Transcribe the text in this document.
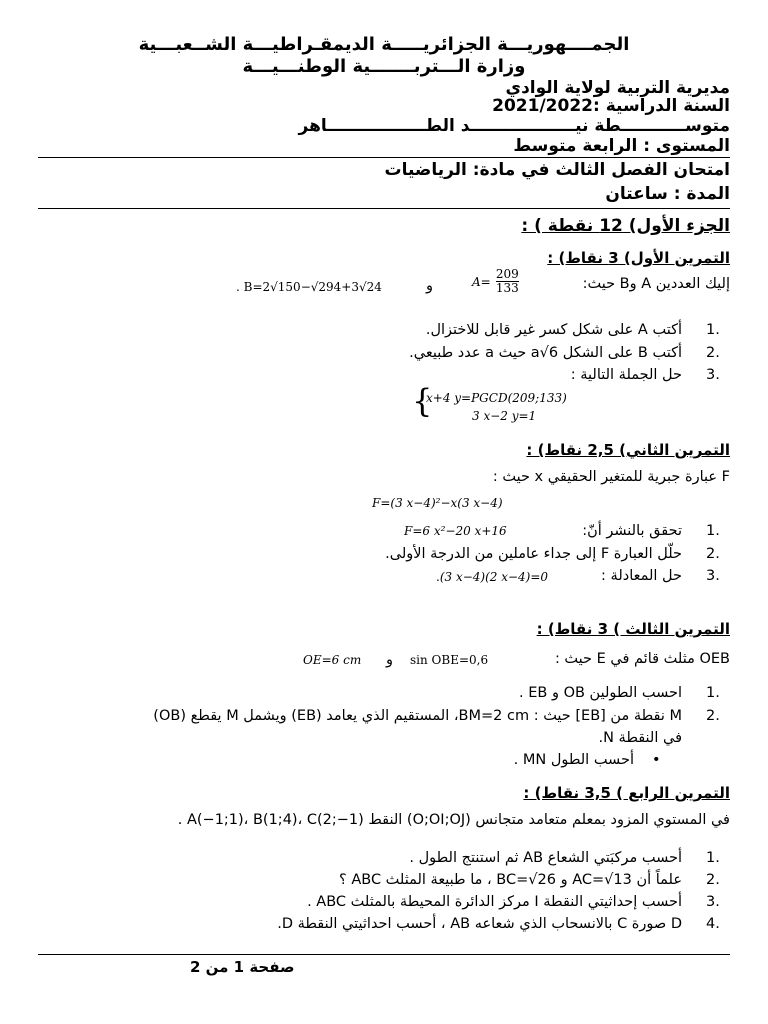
الجمــــهوريـــة الجزائريـــــة الديمقـراطيـــة الشــعبـــية
وزارة الـــتربـــــــية الوطنـــيـــة
مديرية التربية لولاية الوادي
السنة الدراسية :2021/2022
متوســـــــــــطة نيــــــــــــــــــد الطـــــــــــــــــاهر
المستوى : الرابعة متوسط
امتحان الفصل الثالث في مادة: الرياضيات
المدة : ساعتان
الجزء الأول) 12 نقطة ) :
التمرين الأول) 3 نقاط) :
إليك العددين A وB حيث:
$A= \frac{209}{133}$
و
. B=2√150−√294+3√24
أكتب A على شكل كسر غير قابل للاختزال. 1.
أكتب B على الشكل a√6 حيث a عدد طبيعي. 2.
حل الجملة التالية : 3.
{
x+4 y=PGCD(209;133)
3 x−2 y=1
التمرين الثاني) 2,5 نقاط) :
F عبارة جبرية للمتغير الحقيقي x حيث :
F=(3 x−4)²−x(3 x−4)
تحقق بالنشر أنّ:
F=6 x²−20 x+16	1.
حلّل العبارة F إلى جداء عاملين من الدرجة الأولى. 2.
حل المعادلة :
.(3 x−4)(2 x−4)=0	3.
التمرين الثالث ) 3 نقاط) :
OEB مثلث قائم في E حيث :
sin OBE=0,6
و
OE=6 cm
احسب الطولين OB و EB . 1.
M نقطة من [EB] حيث : BM=2 cm، المستقيم الذي يعامد (EB) ويشمل M يقطع (OB) 2.
في النقطة N.
•
أحسب الطول MN .
التمرين الرابع ) 3,5 نقاط) :
في المستوي المزود بمعلم متعامد متجانس (O;OI;OJ) النقط A(−1;1)، B(1;4)، C(2;−1) .
أحسب مركبَتي الشعاع AB ثم استنتج الطول . 1.
علماً أن AC=√13 و BC=√26 ، ما طبيعة المثلث ABC ؟ 2.
أحسب إحداثيتي النقطة I مركز الدائرة المحيطة بالمثلث ABC . 3.
D صورة C بالانسحاب الذي شعاعه AB ، أحسب احداثيتي النقطة D. 4.
صفحة 1 من 2
